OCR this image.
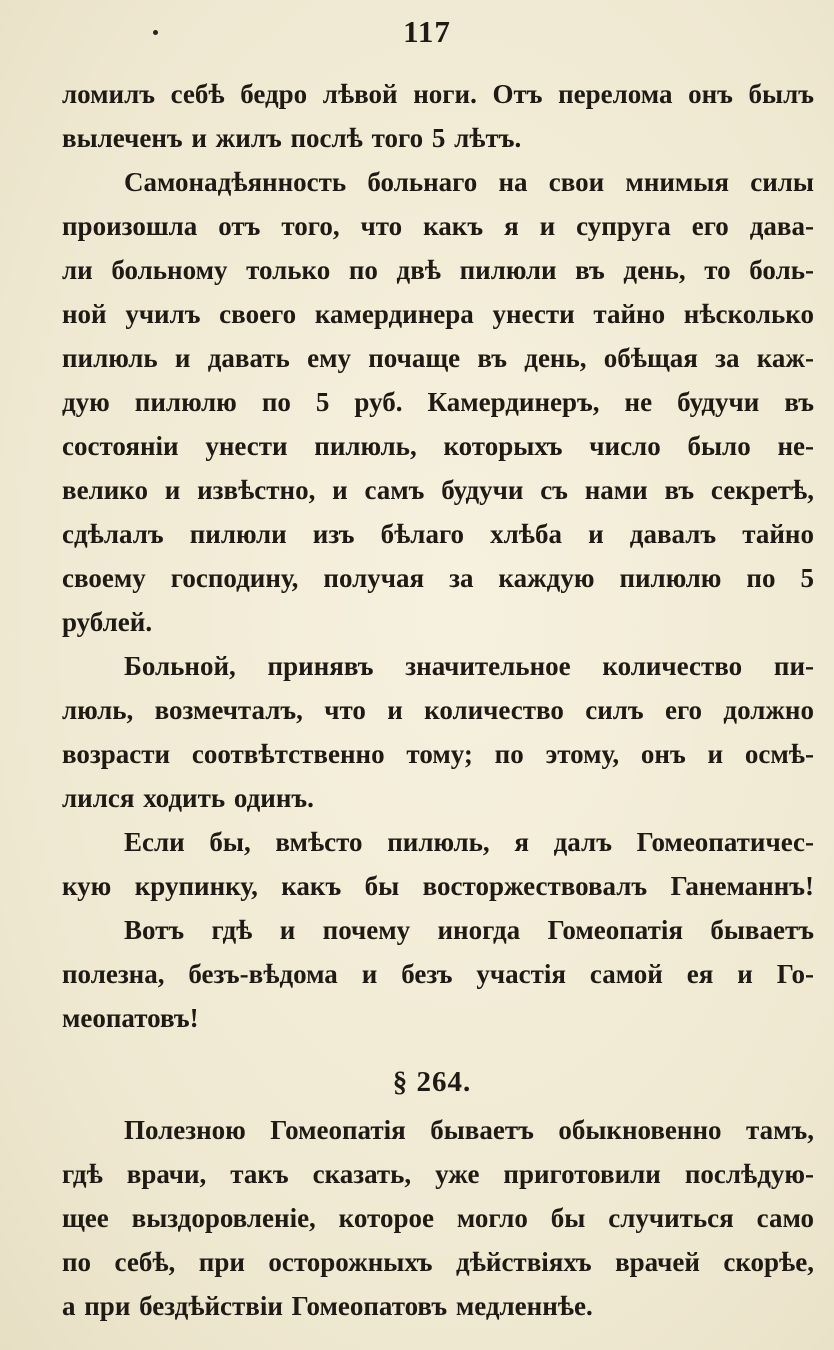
117
ломилъ себѣ бедро лѣвой ноги. Отъ перелома онъ былъ
вылеченъ и жилъ послѣ того 5 лѣтъ.
Самонадѣянность больнаго на свои мнимыя силы
произошла отъ того, что какъ я и супруга его дава-
ли больному только по двѣ пилюли въ день, то боль-
ной училъ своего камердинера унести тайно нѣсколько
пилюль и давать ему почаще въ день, обѣщая за каж-
дую пилюлю по 5 руб. Камердинеръ, не будучи въ
состоянiи унести пилюль, которыхъ число было не-
велико и извѣстно, и самъ будучи съ нами въ секретѣ,
сдѣлалъ пилюли изъ бѣлаго хлѣба и давалъ тайно
своему господину, получая за каждую пилюлю по 5
рублей.
Больной, принявъ значительное количество пи-
люль, возмечталъ, что и количество силъ его должно
возрасти соотвѣтственно тому; по этому, онъ и осмѣ-
лился ходить одинъ.
Если бы, вмѣсто пилюль, я далъ Гомеопатичес-
кую крупинку, какъ бы восторжествовалъ Ганеманнъ!
Вотъ гдѣ и почему иногда Гомеопатiя бываетъ
полезна, безъ-вѣдома и безъ участiя самой ея и Го-
меопатовъ!
§ 264.
Полезною Гомеопатiя бываетъ обыкновенно тамъ,
гдѣ врачи, такъ сказать, уже приготовили послѣдую-
щее выздоровленiе, которое могло бы случиться само
по себѣ, при осторожныхъ дѣйствiяхъ врачей скорѣе,
а при бездѣйствiи Гомеопатовъ медленнѣе.
